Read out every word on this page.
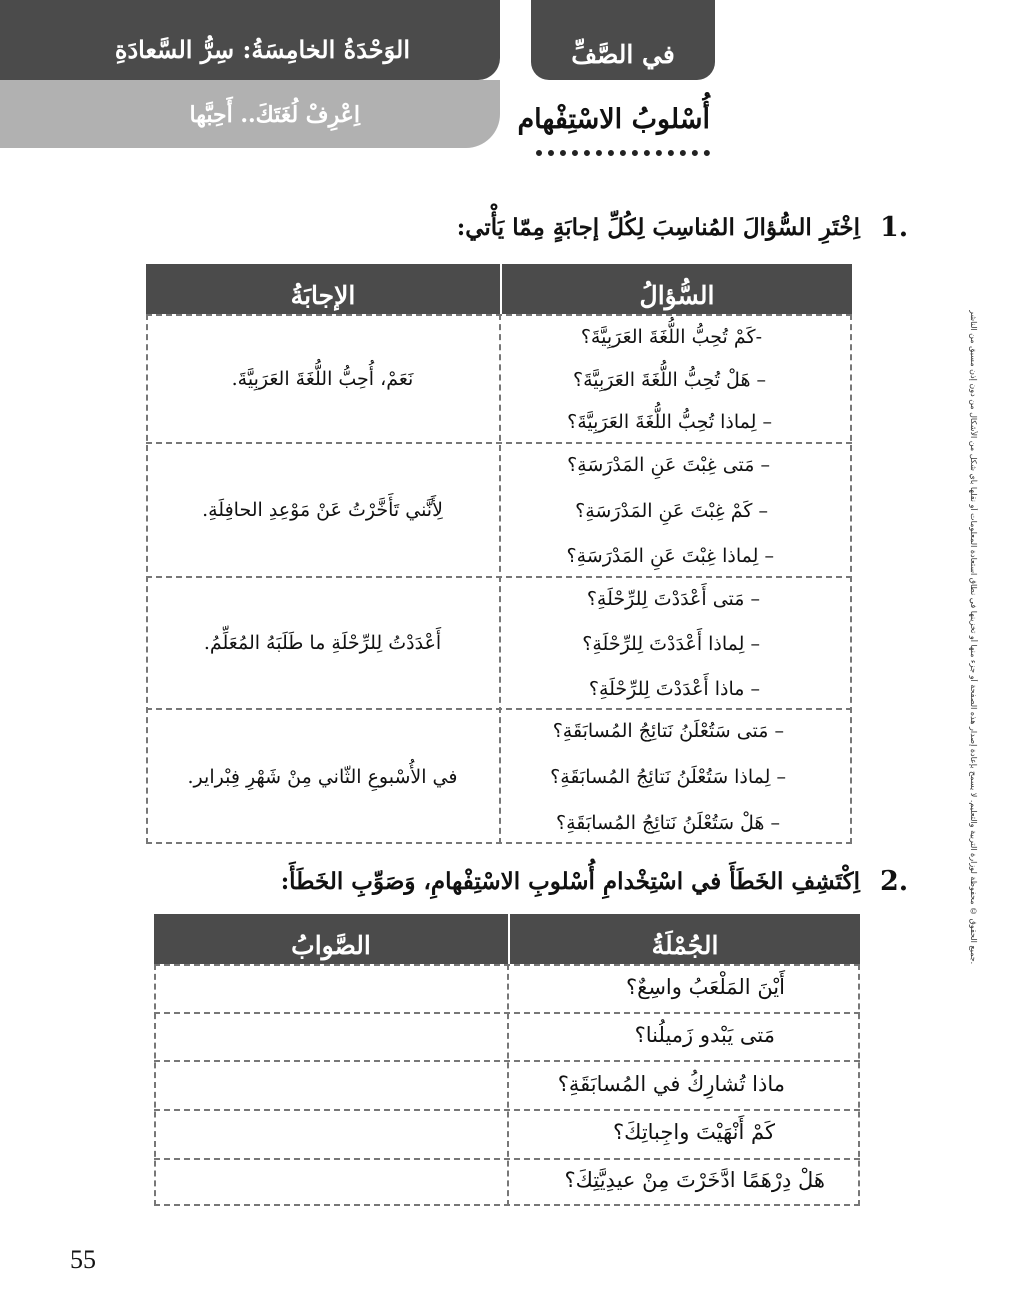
الوَحْدَةُ الخامِسَةُ: سِرُّ السَّعادَةِ
اِعْرِفْ لُغَتَكَ.. أَحِبَّها
في الصَّفِّ
أُسْلوبُ الاسْتِفْهام
1.
اِخْتَرِ السُّؤالَ المُناسِبَ لِكُلِّ إجابَةٍ مِمّا يَأْتي:
الإجابَةُ	السُّؤالُ
-كَمْ تُحِبُّ اللُّغَةَ العَرَبِيَّةَ؟
– هَلْ تُحِبُّ اللُّغَةَ العَرَبِيَّةَ؟
– لِماذا تُحِبُّ اللُّغَةَ العَرَبِيَّةَ؟
نَعَمْ، أُحِبُّ اللُّغَةَ العَرَبِيَّةَ.
– مَتى غِبْتَ عَنِ المَدْرَسَةِ؟
– كَمْ غِبْتَ عَنِ المَدْرَسَةِ؟
– لِماذا غِبْتَ عَنِ المَدْرَسَةِ؟
لِأَنَّني تَأَخَّرْتُ عَنْ مَوْعِدِ الحافِلَةِ.
– مَتى أَعْدَدْتَ لِلرِّحْلَةِ؟
– لِماذا أَعْدَدْتَ لِلرِّحْلَةِ؟
– ماذا أَعْدَدْتَ لِلرِّحْلَةِ؟
أَعْدَدْتُ لِلرِّحْلَةِ ما طَلَبَهُ المُعَلِّمُ.
– مَتى سَتُعْلَنُ نَتائِجُ المُسابَقَةِ؟
– لِماذا سَتُعْلَنُ نَتائِجُ المُسابَقَةِ؟
– هَلْ سَتُعْلَنُ نَتائِجُ المُسابَقَةِ؟
في الأُسْبوعِ الثّاني مِنْ شَهْرِ فِبْراير.
2.
اِكْتَشِفِ الخَطَأَ في اسْتِخْدامِ أُسْلوبِ الاسْتِفْهامِ، وَصَوِّبِ الخَطَأَ:
الصَّوابُ	الجُمْلَةُ
أَيْنَ المَلْعَبُ واسِعٌ؟
مَتى يَبْدو زَميلُنا؟
ماذا تُشارِكُ في المُسابَقَةِ؟
كَمْ أَنْهَيْتَ واجِباتِكَ؟
هَلْ دِرْهَمًا ادَّخَرْتَ مِنْ عيدِيَّتِكَ؟
جميع الحقوق © محفوظة لوزارة التربية والتعليم. لا يسمح بإعادة إصدار هذه الصفحة أو جزء منها أو تخزينها في نطاق استعادة المعلومات أو نقلها بأي شكل من الأشكال من دون إذن مسبق من الناشر.
55
